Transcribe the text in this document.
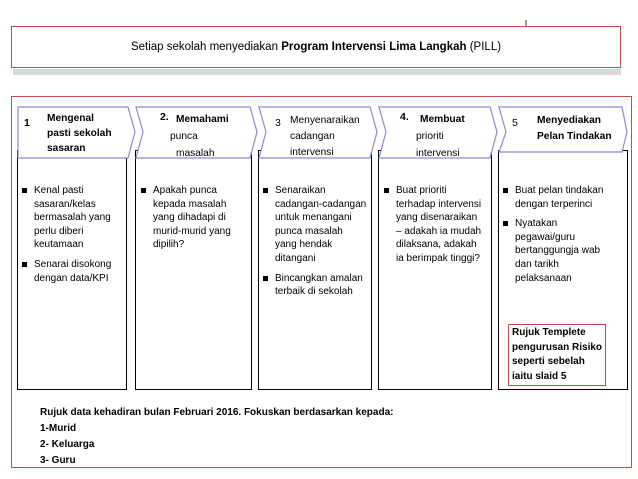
Setiap sekolah menyediakan Program Intervensi Lima Langkah (PILL)
1 Mengenal
pasti sekolah
sasaran
2. Memahami
punca
masalah
3 Menyenaraikan
cadangan
intervensi
4. Membuat
prioriti
intervensi
5 Menyediakan
Pelan Tindakan
Kenal pasti sasaran/kelas bermasalah yang perlu diberi keutamaan
Senarai disokong dengan data/KPI
Apakah punca kepada masalah yang dihadapi di murid-murid yang dipilih?
Senaraikan cadangan-cadangan untuk menangani punca masalah yang hendak ditangani
Bincangkan amalan terbaik di sekolah
Buat prioriti terhadap intervensi yang disenaraikan – adakah ia mudah dilaksana, adakah ia berimpak tinggi?
Buat pelan tindakan dengan terperinci
Nyatakan pegawai/guru bertanggungja wab dan tarikh pelaksanaan
Rujuk Templete
pengurusan Risiko
seperti sebelah
iaitu slaid 5
Rujuk data kehadiran bulan Februari 2016. Fokuskan berdasarkan kepada:
1-Murid
2- Keluarga
3- Guru
